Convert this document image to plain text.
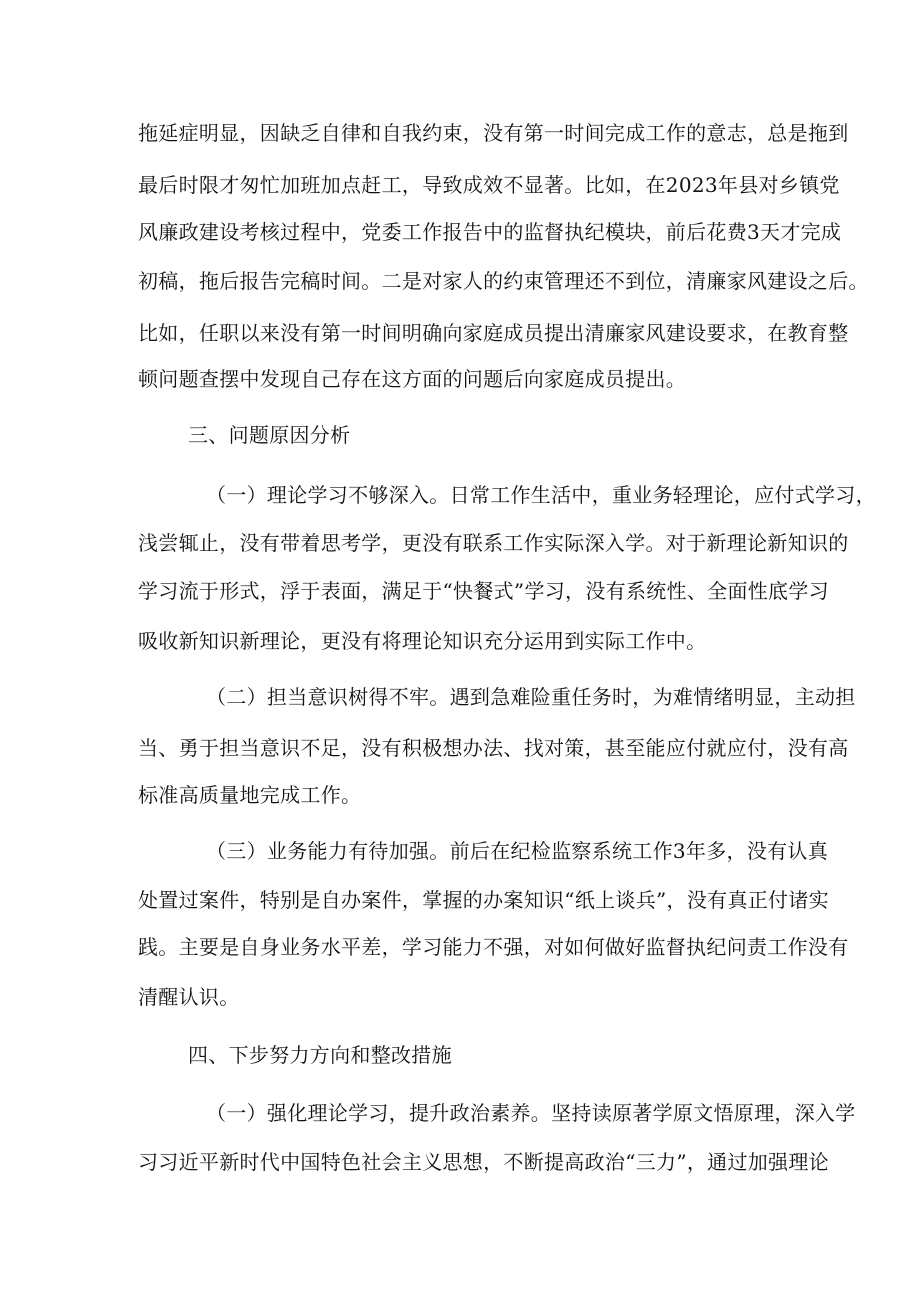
拖延症明显，因缺乏自律和自我约束，没有第一时间完成工作的意志，总是拖到

最后时限才匆忙加班加点赶工，导致成效不显著。比如，在2023年县对乡镇党

风廉政建设考核过程中，党委工作报告中的监督执纪模块，前后花费3天才完成

初稿，拖后报告完稿时间。二是对家人的约束管理还不到位，清廉家风建设之后。

比如，任职以来没有第一时间明确向家庭成员提出清廉家风建设要求，在教育整

顿问题查摆中发现自己存在这方面的问题后向家庭成员提出。

三、问题原因分析

（一）理论学习不够深入。日常工作生活中，重业务轻理论，应付式学习，

浅尝辄止，没有带着思考学，更没有联系工作实际深入学。对于新理论新知识的

学习流于形式，浮于表面，满足于“快餐式”学习，没有系统性、全面性底学习

吸收新知识新理论，更没有将理论知识充分运用到实际工作中。

（二）担当意识树得不牢。遇到急难险重任务时，为难情绪明显，主动担

当、勇于担当意识不足，没有积极想办法、找对策，甚至能应付就应付，没有高

标准高质量地完成工作。

（三）业务能力有待加强。前后在纪检监察系统工作3年多，没有认真

处置过案件，特别是自办案件，掌握的办案知识“纸上谈兵”，没有真正付诸实

践。主要是自身业务水平差，学习能力不强，对如何做好监督执纪问责工作没有

清醒认识。

四、下步努力方向和整改措施

（一）强化理论学习，提升政治素养。坚持读原著学原文悟原理，深入学

习习近平新时代中国特色社会主义思想，不断提高政治“三力”，通过加强理论
